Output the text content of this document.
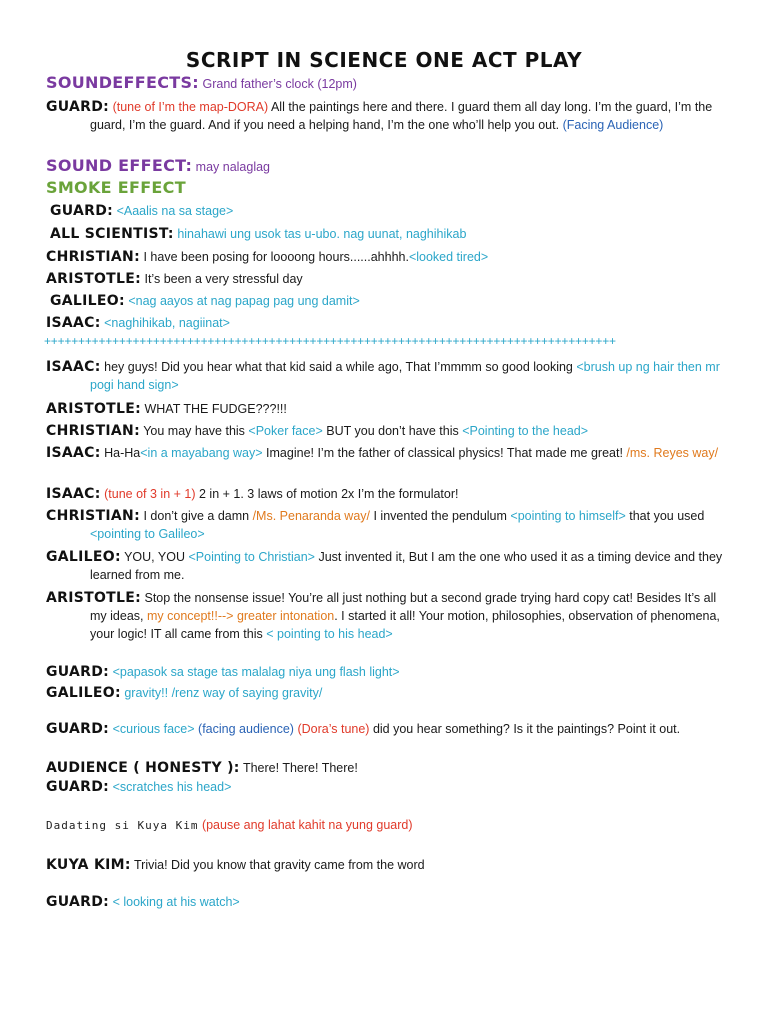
SCRIPT IN SCIENCE ONE ACT PLAY
SOUNDEFFECTS: Grand father’s clock (12pm)
GUARD: (tune of I’m the map-DORA) All the paintings here and there. I guard them all day long. I’m the guard, I’m the guard, I’m the guard. And if you need a helping hand, I’m the one who’ll help you out. (Facing Audience)
SOUND EFFECT: may nalaglag
SMOKE EFFECT
GUARD: <Aaalis na sa stage>
ALL SCIENTIST: hinahawi ung usok tas u-ubo. nag uunat, naghihikab
CHRISTIAN: I have been posing for loooong hours......ahhhh.<looked tired>
ARISTOTLE: It’s been a very stressful day
GALILEO: <nag aayos at nag papag pag ung damit>
ISAAC: <naghihikab, nagiinat>
++++++++++++++++++++++++++++++++++++++++++++++++++++++++++++++++++++++++++++++++++++
ISAAC: hey guys! Did you hear what that kid said a while ago, That I’mmmm so good looking <brush up ng hair then mr pogi hand sign>
ARISTOTLE: WHAT THE FUDGE???!!!
CHRISTIAN: You may have this <Poker face> BUT you don’t have this <Pointing to the head>
ISAAC: Ha-Ha<in a mayabang way> Imagine! I’m the father of classical physics! That made me great! /ms. Reyes way/
ISAAC: (tune of 3 in + 1) 2 in + 1. 3 laws of motion 2x I’m the formulator!
CHRISTIAN: I don’t give a damn /Ms. Penaranda way/ I invented the pendulum <pointing to himself> that you used <pointing to Galileo>
GALILEO: YOU, YOU <Pointing to Christian> Just invented it, But I am the one who used it as a timing device and they learned from me.
ARISTOTLE: Stop the nonsense issue! You’re all just nothing but a second grade trying hard copy cat! Besides It’s all my ideas, my concept!!--> greater intonation. I started it all! Your motion, philosophies, observation of phenomena, your logic! IT all came from this < pointing to his head>
GUARD: <papasok sa stage tas malalag niya ung flash light>
GALILEO: gravity!! /renz way of saying gravity/
GUARD: <curious face> (facing audience) (Dora’s tune) did you hear something? Is it the paintings? Point it out.
AUDIENCE ( HONESTY ): There! There! There!
GUARD: <scratches his head>
Dadating si Kuya Kim (pause ang lahat kahit na yung guard)
KUYA KIM: Trivia! Did you know that gravity came from the word
GUARD: < looking at his watch>
